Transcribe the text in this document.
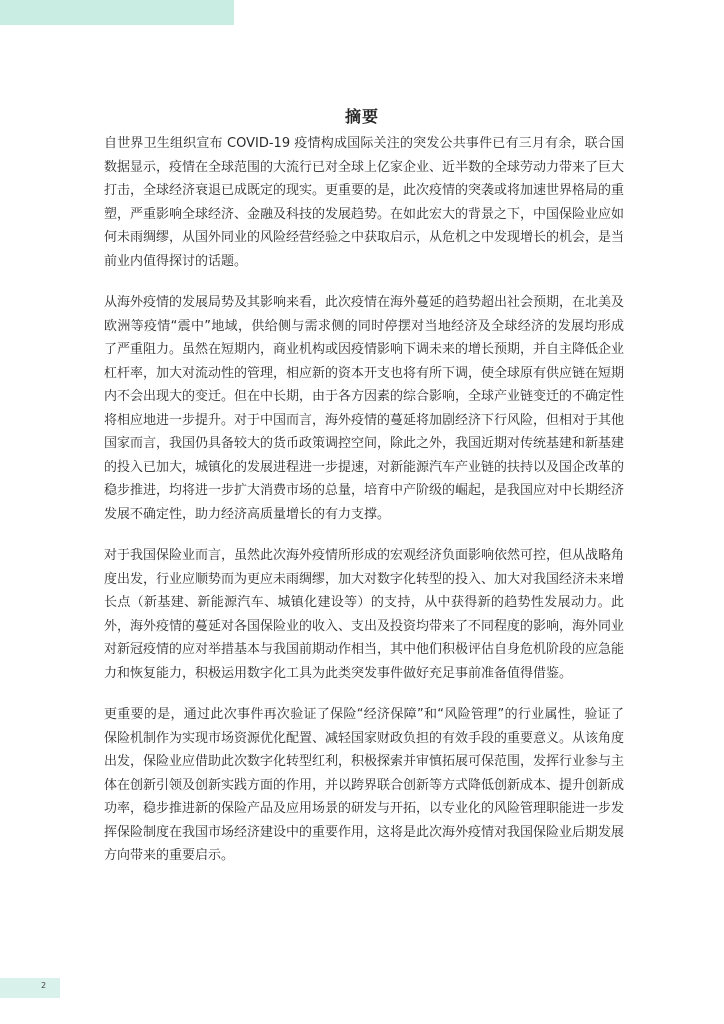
摘要

自世界卫生组织宣布 COVID-19 疫情构成国际关注的突发公共事件已有三月有余，联合国数据显示，疫情在全球范围的大流行已对全球上亿家企业、近半数的全球劳动力带来了巨大打击，全球经济衰退已成既定的现实。更重要的是，此次疫情的突袭或将加速世界格局的重塑，严重影响全球经济、金融及科技的发展趋势。在如此宏大的背景之下，中国保险业应如何未雨绸缪，从国外同业的风险经营经验之中获取启示，从危机之中发现增长的机会，是当前业内值得探讨的话题。

从海外疫情的发展局势及其影响来看，此次疫情在海外蔓延的趋势超出社会预期，在北美及欧洲等疫情“震中”地域，供给侧与需求侧的同时停摆对当地经济及全球经济的发展均形成了严重阻力。虽然在短期内，商业机构或因疫情影响下调未来的增长预期，并自主降低企业杠杆率，加大对流动性的管理，相应新的资本开支也将有所下调，使全球原有供应链在短期内不会出现大的变迁。但在中长期，由于各方因素的综合影响，全球产业链变迁的不确定性将相应地进一步提升。对于中国而言，海外疫情的蔓延将加剧经济下行风险，但相对于其他国家而言，我国仍具备较大的货币政策调控空间，除此之外，我国近期对传统基建和新基建的投入已加大，城镇化的发展进程进一步提速，对新能源汽车产业链的扶持以及国企改革的稳步推进，均将进一步扩大消费市场的总量，培育中产阶级的崛起，是我国应对中长期经济发展不确定性，助力经济高质量增长的有力支撑。

对于我国保险业而言，虽然此次海外疫情所形成的宏观经济负面影响依然可控，但从战略角度出发，行业应顺势而为更应未雨绸缪，加大对数字化转型的投入、加大对我国经济未来增长点（新基建、新能源汽车、城镇化建设等）的支持，从中获得新的趋势性发展动力。此外，海外疫情的蔓延对各国保险业的收入、支出及投资均带来了不同程度的影响，海外同业对新冠疫情的应对举措基本与我国前期动作相当，其中他们积极评估自身危机阶段的应急能力和恢复能力，积极运用数字化工具为此类突发事件做好充足事前准备值得借鉴。

更重要的是，通过此次事件再次验证了保险“经济保障”和“风险管理”的行业属性，验证了保险机制作为实现市场资源优化配置、减轻国家财政负担的有效手段的重要意义。从该角度出发，保险业应借助此次数字化转型红利，积极探索并审慎拓展可保范围，发挥行业参与主体在创新引领及创新实践方面的作用，并以跨界联合创新等方式降低创新成本、提升创新成功率，稳步推进新的保险产品及应用场景的研发与开拓，以专业化的风险管理职能进一步发挥保险制度在我国市场经济建设中的重要作用，这将是此次海外疫情对我国保险业后期发展方向带来的重要启示。

2
